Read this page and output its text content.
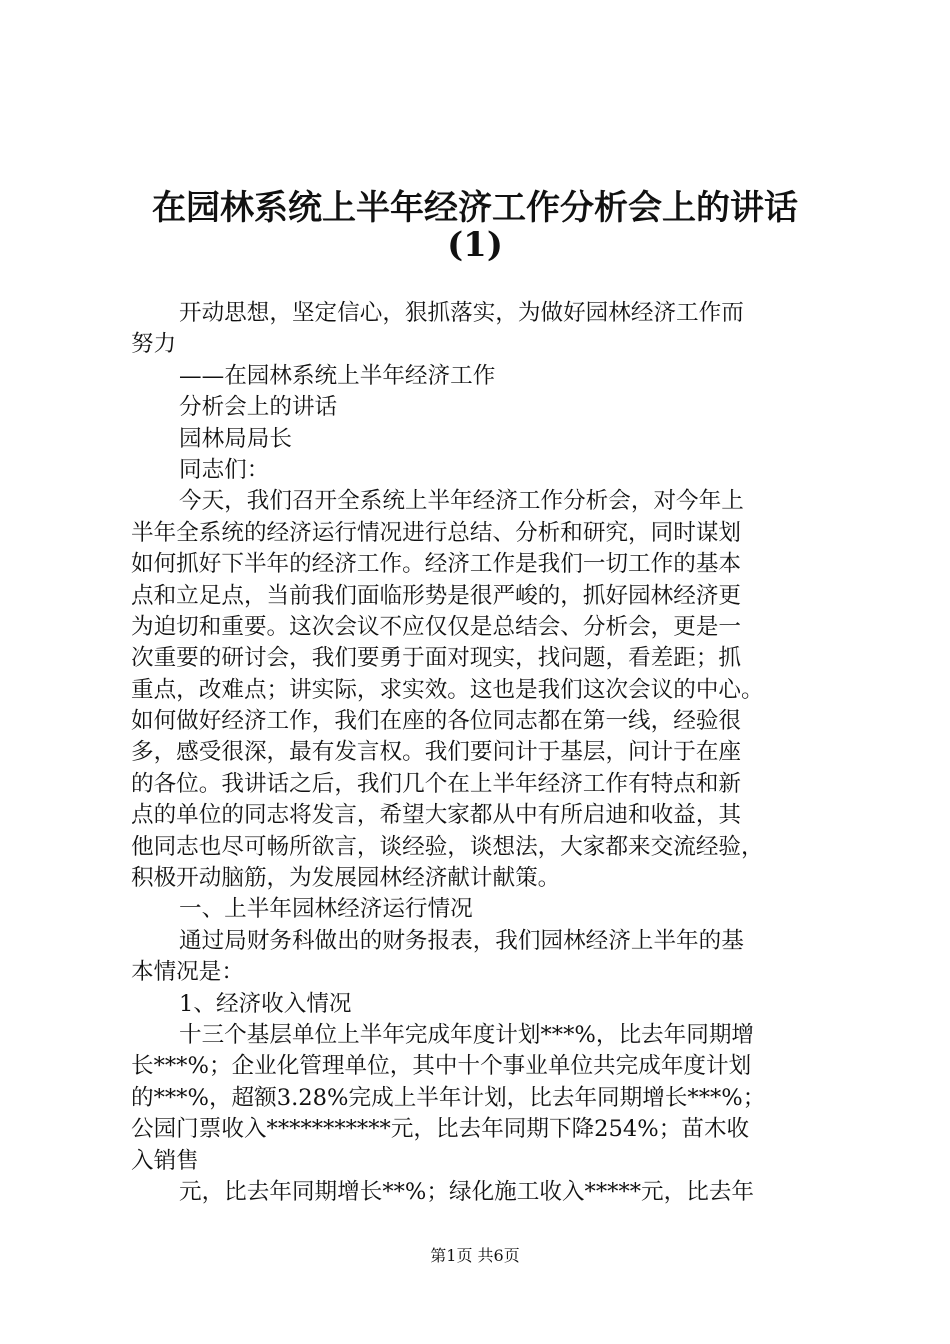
在园林系统上半年经济工作分析会上的讲话
(1)
开动思想，坚定信心，狠抓落实，为做好园林经济工作而
努力
——在园林系统上半年经济工作
分析会上的讲话
园林局局长
同志们：
今天，我们召开全系统上半年经济工作分析会，对今年上
半年全系统的经济运行情况进行总结、分析和研究，同时谋划
如何抓好下半年的经济工作。经济工作是我们一切工作的基本
点和立足点，当前我们面临形势是很严峻的，抓好园林经济更
为迫切和重要。这次会议不应仅仅是总结会、分析会，更是一
次重要的研讨会，我们要勇于面对现实，找问题，看差距；抓
重点，改难点；讲实际，求实效。这也是我们这次会议的中心。
如何做好经济工作，我们在座的各位同志都在第一线，经验很
多，感受很深，最有发言权。我们要问计于基层，问计于在座
的各位。我讲话之后，我们几个在上半年经济工作有特点和新
点的单位的同志将发言，希望大家都从中有所启迪和收益，其
他同志也尽可畅所欲言，谈经验，谈想法，大家都来交流经验，
积极开动脑筋，为发展园林经济献计献策。
一、上半年园林经济运行情况
通过局财务科做出的财务报表，我们园林经济上半年的基
本情况是：
1、经济收入情况
十三个基层单位上半年完成年度计划***%，比去年同期增
长***%；企业化管理单位，其中十个事业单位共完成年度计划
的***%，超额3.28%完成上半年计划，比去年同期增长***%；
公园门票收入***********元，比去年同期下降254%；苗木收
入销售
元，比去年同期增长**%；绿化施工收入*****元，比去年
第1页 共6页
